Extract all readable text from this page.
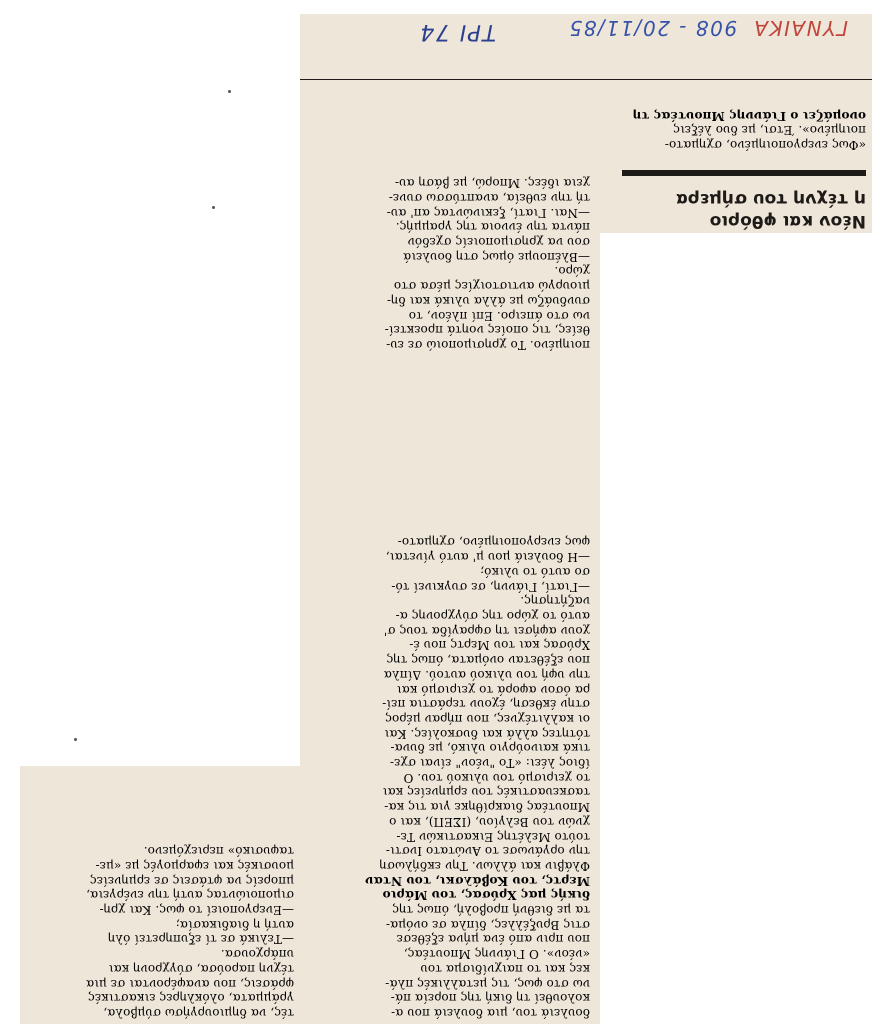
ΓΥΝΑΙΚΑ  908 - 20/11/85
ΤΡΙ 74
Νέον και φθόριο
η τέχνη του σήμερα

«Φως ενεργοποιημένο, σχηματο-

ποιημένο». Έτσι, με δυο λέξεις

ονομάζει ο Γιάννης Μπουτέας τη

ποιημένο. Το χρησιμοποιώ σε ευ-

θείες, τις οποίες νοητά προεκτεί-

νω στο άπειρο. Επί πλέον, το

συνδυάζω με άλλα υλικά και δη-

μιουργώ αντιστοιχίες μέσα στο

χώρο.

—Βλέπουμε όμως στη δουλειά

σου να χρησιμοποιείς σχεδόν

πάντα την έννοια της γραμμής.

—Ναι. Γιατί, ξεκινώντας απ' αυ-

τή την ευθεία, αναπτύσσω συνε-

χεια ιδέες. Μπορώ, με βάση αυ-

δουλειά του, μια δουλειά που α-

κολουθεί τη δική της πορεία πά-

νω στο φως, τις μεταλλικές πλά-

κες και το παιχνίδισμα του

«νέον». Ο Γιάννης Μπουτέας,

που πριν από ένα μήνα εξέθεσε

στις Βρυξέλλες, δίπλα σε ονόμα-

τα με διεθνή προβολή, όπως της

δικής μας Χρύσας, του Μάριο

Μερτς, του Κοβάλσκι, του Νταν

Φλάβιν και άλλων. Την εκδήλωση

την οργάνωσε το Ανώτατο Ινστι-

τούτο Μελέτης Εικαστικών Τε-

χνών του Βελγίου, (ΙΣΕΠ), και ο

Μπουτέας διακρίθηκε για τις κα-

τασκευαστικές του ερμηνείες και

το χειρισμό του υλικού του. Ο

ίδιος λέει: «Το "νέον" είναι σχε-

τικά καινούργιο υλικό, με δυνα-

τότητες αλλά και δυσκολίες. Και

οι καλλιτέχνες, που πήραν μέρος

στην έκθεση, έχουν τεράστια πεί-

ρα όσον αφορά το χειρισμό και

την υφή του υλικού αυτού. Δίπλα

που εξέθεταν ονόματα, όπως της

Χρύσας και του Μερτς που έ-

χουν αφήσει τη σφραγίδα τους σ'

αυτό το χώρο της σύγχρονης α-

ναζήτησης.

—Γιατί, Γιάννη, σε συγκινεί τό-

σο αυτό το υλικό;

—Η δουλειά μου μ' αυτό γίνεται,

φως ενεργοποιημένο, σχηματο-

τές, να δημιουργήσω σύμβολα,

γράμματα, ολόκληρες εικαστικές

φράσεις, που αναφέρονται σε μια

τέχνη παρούσα, σύγχρονη και

υπάρχουσα.

—Τελικά σε τί εξυπηρετεί όλη

αυτή η διαδικασία;

—Ενεργοποιεί το φως. Και χρη-

σιμοποιώντας αυτή την ενέργεια,

μπορείς να φτάσεις σε ερμηνείες

μουσικές και εφαρμογές με «με-

ταφυσικό» περιεχόμενο.
